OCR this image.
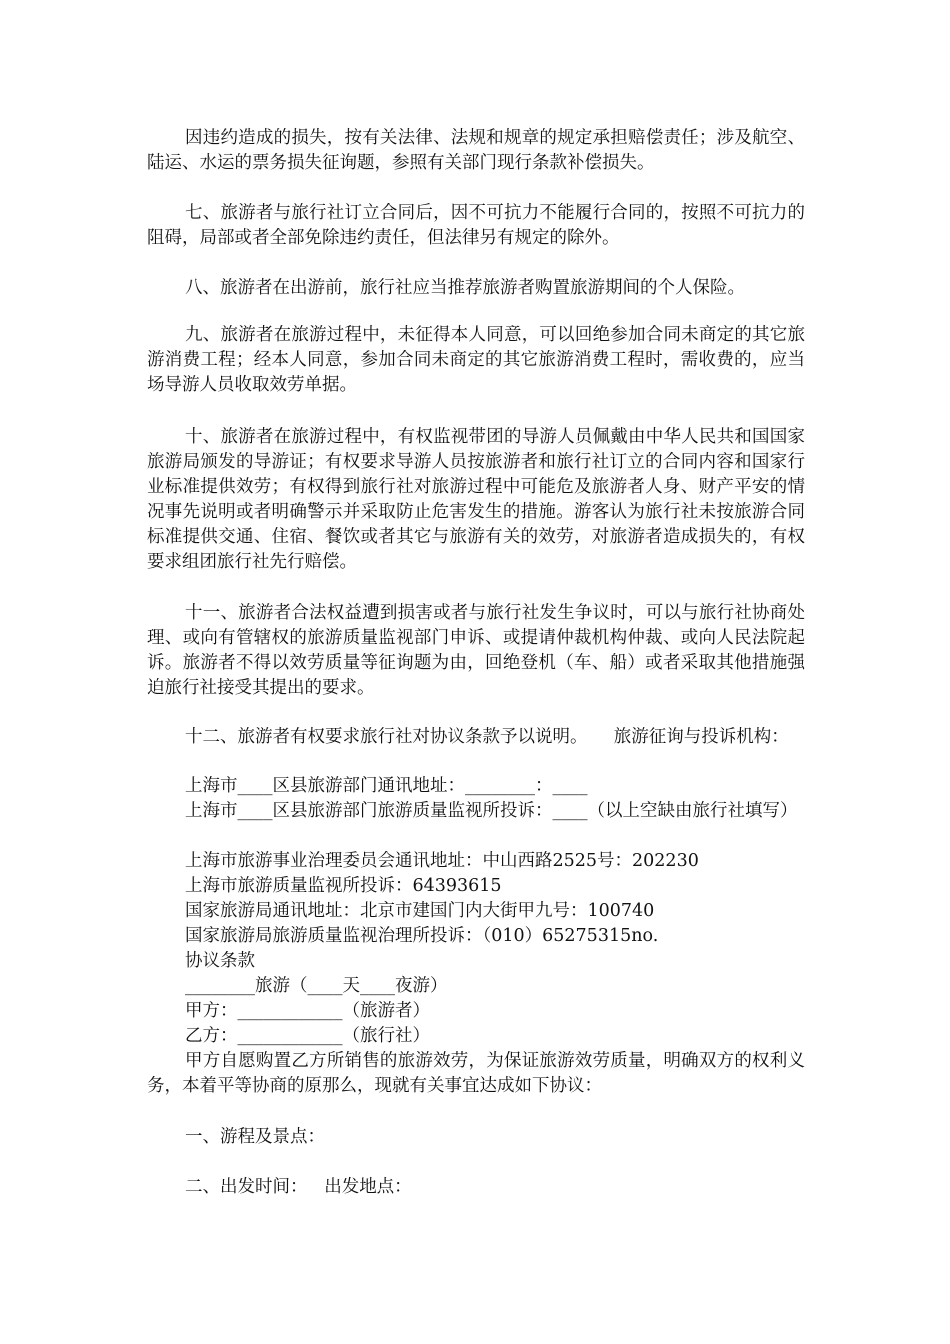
因违约造成的损失，按有关法律、法规和规章的规定承担赔偿责任；涉及航空、陆运、水运的票务损失征询题，参照有关部门现行条款补偿损失。

七、旅游者与旅行社订立合同后，因不可抗力不能履行合同的，按照不可抗力的阻碍，局部或者全部免除违约责任，但法律另有规定的除外。

八、旅游者在出游前，旅行社应当推荐旅游者购置旅游期间的个人保险。

九、旅游者在旅游过程中，未征得本人同意，可以回绝参加合同未商定的其它旅游消费工程；经本人同意，参加合同未商定的其它旅游消费工程时，需收费的，应当场导游人员收取效劳单据。

十、旅游者在旅游过程中，有权监视带团的导游人员佩戴由中华人民共和国国家旅游局颁发的导游证；有权要求导游人员按旅游者和旅行社订立的合同内容和国家行业标准提供效劳；有权得到旅行社对旅游过程中可能危及旅游者人身、财产平安的情况事先说明或者明确警示并采取防止危害发生的措施。游客认为旅行社未按旅游合同标准提供交通、住宿、餐饮或者其它与旅游有关的效劳，对旅游者造成损失的，有权要求组团旅行社先行赔偿。

十一、旅游者合法权益遭到损害或者与旅行社发生争议时，可以与旅行社协商处理、或向有管辖权的旅游质量监视部门申诉、或提请仲裁机构仲裁、或向人民法院起诉。旅游者不得以效劳质量等征询题为由，回绝登机（车、船）或者采取其他措施强迫旅行社接受其提出的要求。

十二、旅游者有权要求旅行社对协议条款予以说明。　　旅游征询与投诉机构：

上海市____区县旅游部门通讯地址：________：____

上海市____区县旅游部门旅游质量监视所投诉：____（以上空缺由旅行社填写）

上海市旅游事业治理委员会通讯地址：中山西路2525号：202230

上海市旅游质量监视所投诉：64393615

国家旅游局通讯地址：北京市建国门内大街甲九号：100740

国家旅游局旅游质量监视治理所投诉：（010）65275315no.

协议条款

________旅游（____天____夜游）

甲方：____________（旅游者）

乙方：____________（旅行社）

甲方自愿购置乙方所销售的旅游效劳，为保证旅游效劳质量，明确双方的权利义务，本着平等协商的原那么，现就有关事宜达成如下协议：

一、游程及景点：

二、出发时间：   出发地点：
